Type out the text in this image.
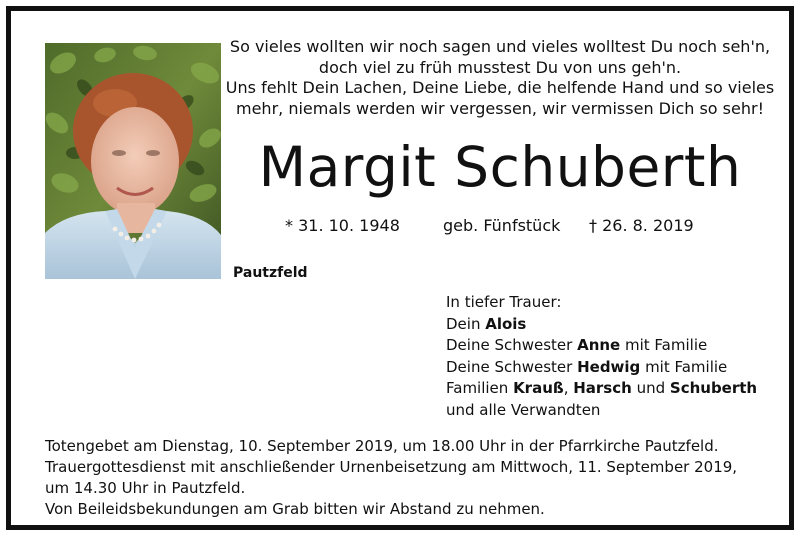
So vieles wollten wir noch sagen und vieles wolltest Du noch seh'n,
doch viel zu früh musstest Du von uns geh'n.
Uns fehlt Dein Lachen, Deine Liebe, die helfende Hand und so vieles
mehr, niemals werden wir vergessen, wir vermissen Dich so sehr!
Margit Schuberth
* 31. 10. 1948	geb. Fünfstück † 26. 8. 2019
Pautzfeld
In tiefer Trauer:
Dein Alois
Deine Schwester Anne mit Familie
Deine Schwester Hedwig mit Familie
Familien Krauß, Harsch und Schuberth
und alle Verwandten
Totengebet am Dienstag, 10. September 2019, um 18.00 Uhr in der Pfarrkirche Pautzfeld.
Trauergottesdienst mit anschließender Urnenbeisetzung am Mittwoch, 11. September 2019,
um 14.30 Uhr in Pautzfeld.
Von Beileidsbekundungen am Grab bitten wir Abstand zu nehmen.
